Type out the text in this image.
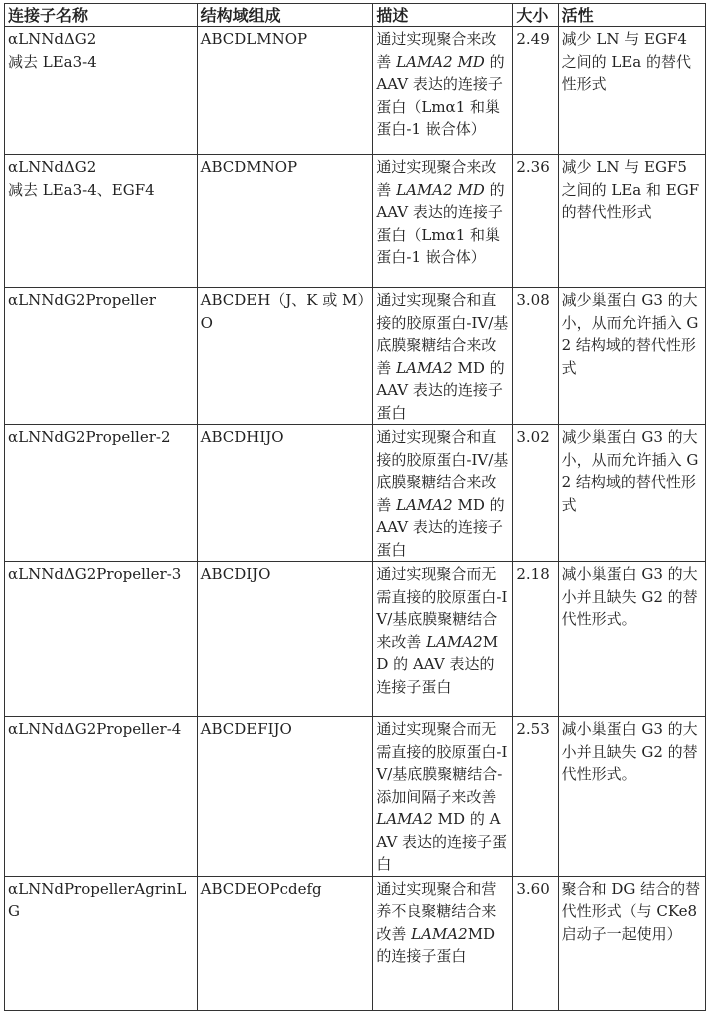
连接子名称	结构域组成	描述	大小	活性

αLNNdΔG2
减去 LEa3-4	ABCDLMNOP	通过实现聚合来改善 LAMA2 MD 的 AAV 表达的连接子蛋白（Lmα1 和巢蛋白-1 嵌合体）	2.49	减少 LN 与 EGF4 之间的 LEa 的替代性形式

αLNNdΔG2
减去 LEa3-4、EGF4	ABCDMNOP	通过实现聚合来改善 LAMA2 MD 的 AAV 表达的连接子蛋白（Lmα1 和巢蛋白-1 嵌合体）	2.36	减少 LN 与 EGF5 之间的 LEa 和 EGF 的替代性形式

αLNNdG2Propeller	ABCDEH（J、K 或 M）O	通过实现聚合和直接的胶原蛋白-IV/基底膜聚糖结合来改善 LAMA2 MD 的 AAV 表达的连接子蛋白	3.08	减少巢蛋白 G3 的大小，从而允许插入 G2 结构域的替代性形式

αLNNdG2Propeller-2	ABCDHIJO	通过实现聚合和直接的胶原蛋白-IV/基底膜聚糖结合来改善 LAMA2 MD 的 AAV 表达的连接子蛋白	3.02	减少巢蛋白 G3 的大小，从而允许插入 G2 结构域的替代性形式

αLNNdΔG2Propeller-3	ABCDIJO	通过实现聚合而无需直接的胶原蛋白-IV/基底膜聚糖结合来改善 LAMA2MD 的 AAV 表达的连接子蛋白	2.18	减小巢蛋白 G3 的大小并且缺失 G2 的替代性形式。

αLNNdΔG2Propeller-4	ABCDEFIJO	通过实现聚合而无需直接的胶原蛋白-IV/基底膜聚糖结合-添加间隔子来改善 LAMA2 MD 的 AAV 表达的连接子蛋白	2.53	减小巢蛋白 G3 的大小并且缺失 G2 的替代性形式。

αLNNdPropellerAgrinLG	ABCDEOPcdefg	通过实现聚合和营养不良聚糖结合来改善 LAMA2MD 的连接子蛋白	3.60	聚合和 DG 结合的替代性形式（与 CKe8 启动子一起使用）
